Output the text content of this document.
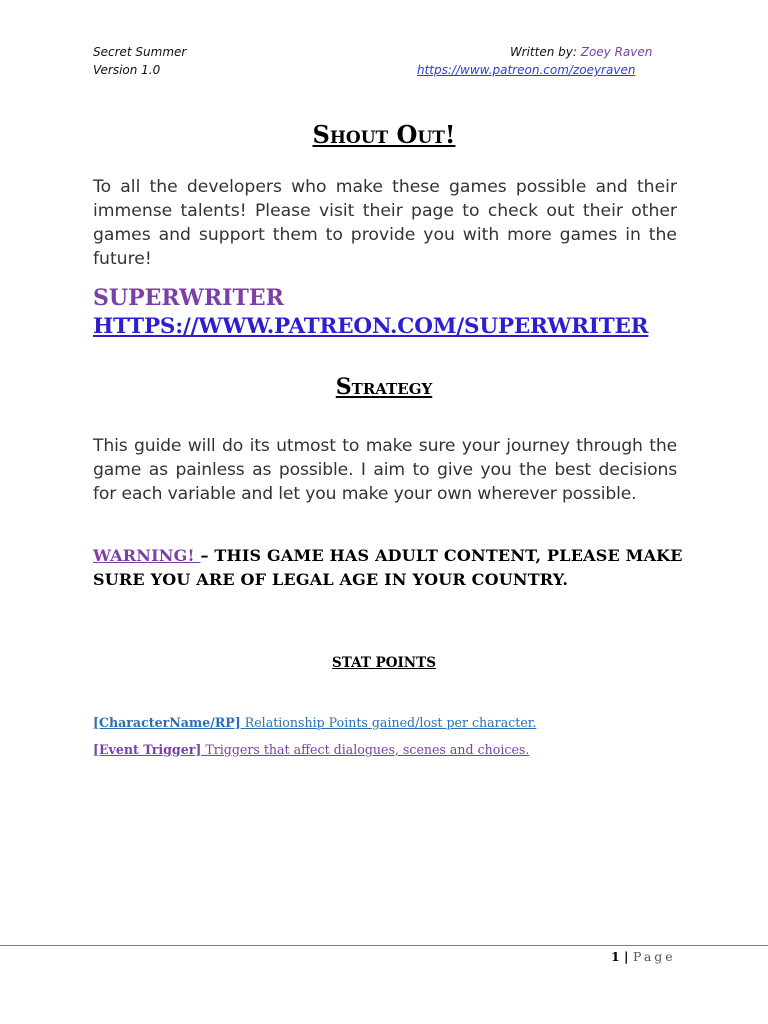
Secret Summer
Version 1.0
Written by: Zoey Raven
https://www.patreon.com/zoeyraven
Shout Out!
To all the developers who make these games possible and their immense talents! Please visit their page to check out their other games and support them to provide you with more games in the future!
SUPERWRITER
HTTPS://WWW.PATREON.COM/SUPERWRITER
Strategy
This guide will do its utmost to make sure your journey through the game as painless as possible. I aim to give you the best decisions for each variable and let you make your own wherever possible.
WARNING! – THIS GAME HAS ADULT CONTENT, PLEASE MAKE SURE YOU ARE OF LEGAL AGE IN YOUR COUNTRY.
STAT POINTS
[CharacterName/RP] Relationship Points gained/lost per character.
[Event Trigger] Triggers that affect dialogues, scenes and choices.
1 | Page
